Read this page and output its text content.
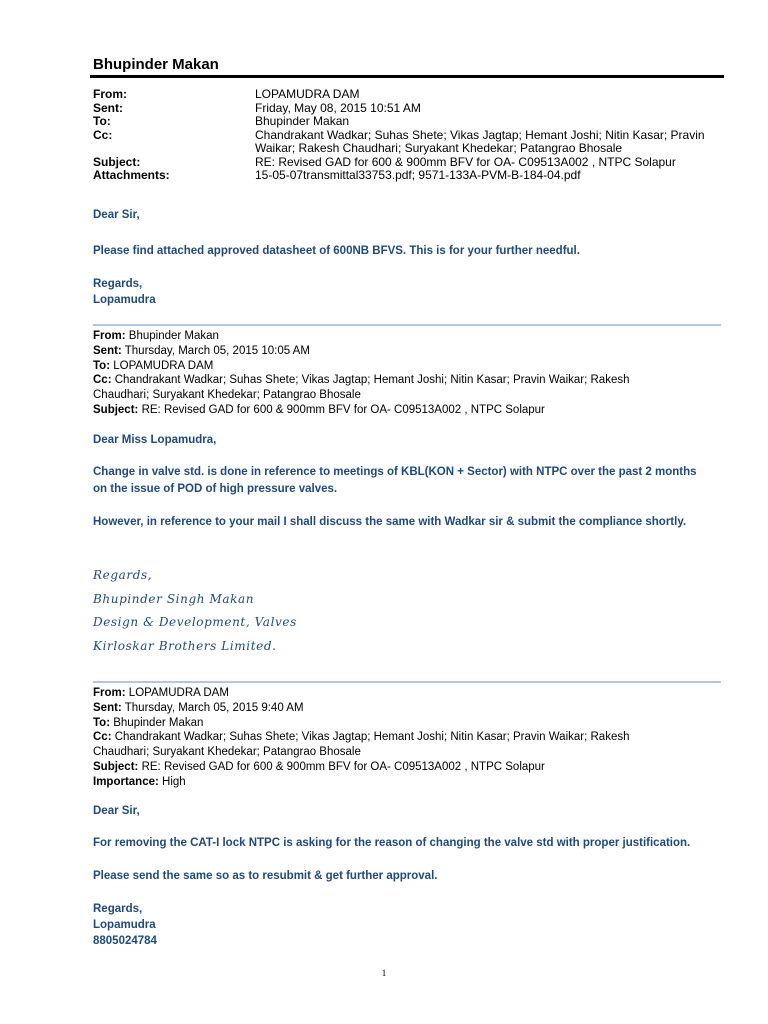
Bhupinder Makan
From:	LOPAMUDRA DAM
Sent:	Friday, May 08, 2015 10:51 AM
To:	Bhupinder Makan
Cc:	Chandrakant Wadkar; Suhas Shete; Vikas Jagtap; Hemant Joshi; Nitin Kasar; Pravin Waikar; Rakesh Chaudhari; Suryakant Khedekar; Patangrao Bhosale
Subject:	RE: Revised GAD for 600 & 900mm BFV for OA- C09513A002 , NTPC Solapur
Attachments:	15-05-07transmittal33753.pdf; 9571-133A-PVM-B-184-04.pdf

Dear Sir,

Please find attached approved datasheet of 600NB BFVS. This is for your further needful.

Regards,

Lopamudra

From: Bhupinder Makan

Sent: Thursday, March 05, 2015 10:05 AM

To: LOPAMUDRA DAM

Cc: Chandrakant Wadkar; Suhas Shete; Vikas Jagtap; Hemant Joshi; Nitin Kasar; Pravin Waikar; Rakesh

Chaudhari; Suryakant Khedekar; Patangrao Bhosale

Subject: RE: Revised GAD for 600 & 900mm BFV for OA- C09513A002 , NTPC Solapur

Dear Miss Lopamudra,

Change in valve std. is done in reference to meetings of KBL(KON + Sector) with NTPC over the past 2 months

on the issue of POD of high pressure valves.

However, in reference to your mail I shall discuss the same with Wadkar sir & submit the compliance shortly.

Regards,

Bhupinder Singh Makan

Design & Development, Valves

Kirloskar Brothers Limited.

From: LOPAMUDRA DAM

Sent: Thursday, March 05, 2015 9:40 AM

To: Bhupinder Makan

Cc: Chandrakant Wadkar; Suhas Shete; Vikas Jagtap; Hemant Joshi; Nitin Kasar; Pravin Waikar; Rakesh

Chaudhari; Suryakant Khedekar; Patangrao Bhosale

Subject: RE: Revised GAD for 600 & 900mm BFV for OA- C09513A002 , NTPC Solapur

Importance: High

Dear Sir,

For removing the CAT-I lock NTPC is asking for the reason of changing the valve std with proper justification.

Please send the same so as to resubmit & get further approval.

Regards,

Lopamudra

8805024784

1
